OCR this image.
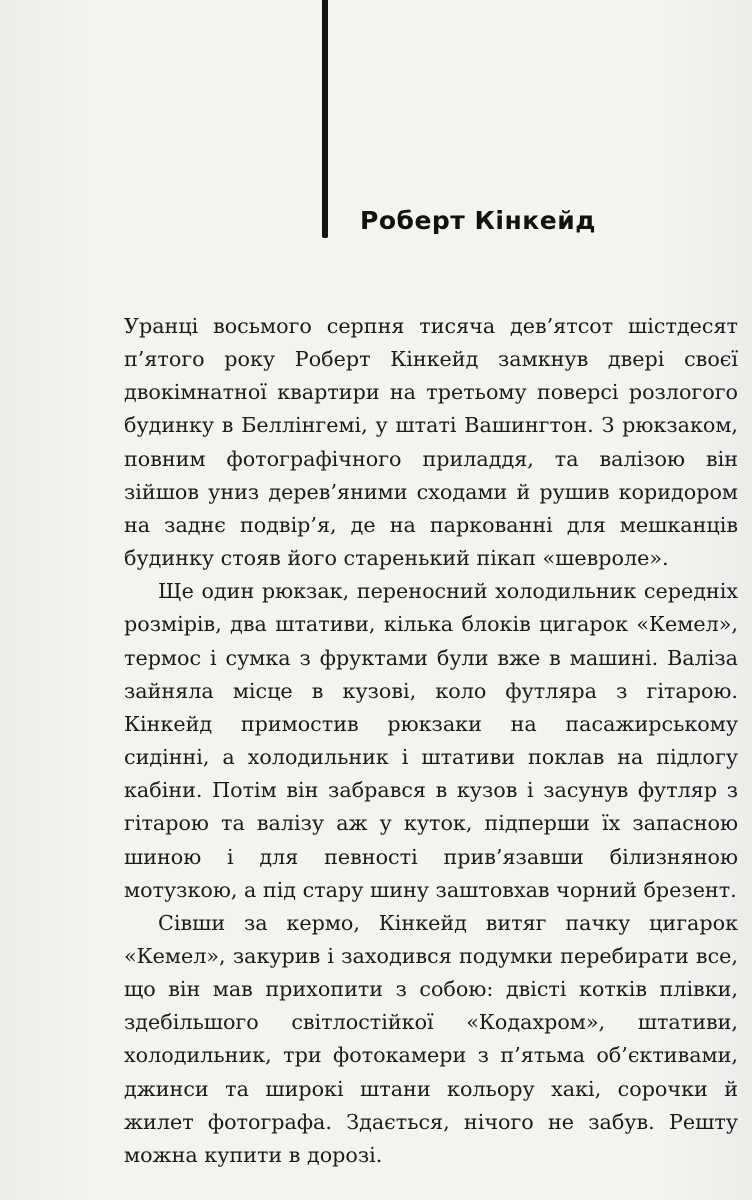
Роберт Кінкейд

Уранці восьмого серпня тисяча дев’ятсот шістдесят п’ятого року Роберт Кінкейд замкнув двері своєї двокімнатної квартири на третьому поверсі розлогого будинку в Беллінгемі, у штаті Вашингтон. З рюкзаком, повним фотографічного приладдя, та валізою він зійшов униз дерев’яними сходами й рушив коридором на заднє подвір’я, де на паркованні для мешканців будинку стояв його старенький пікап «шевроле».

Ще один рюкзак, переносний холодильник середніх розмірів, два штативи, кілька блоків цигарок «Кемел», термос і сумка з фруктами були вже в машині. Валіза зайняла місце в кузові, коло футляра з гітарою. Кінкейд примостив рюкзаки на пасажирському сидінні, а холодильник і штативи поклав на підлогу кабіни. Потім він забрався в кузов і засунув футляр з гітарою та валізу аж у куток, підперши їх запасною шиною і для певності прив’язавши білизняною мотузкою, а під стару шину заштовхав чорний брезент.

Сівши за кермо, Кінкейд витяг пачку цигарок «Кемел», закурив і заходився подумки перебирати все, що він мав прихопити з собою: двісті котків плівки, здебільшого світлостійкої «Кодахром», штативи, холодильник, три фотокамери з п’ятьма об’єктивами, джинси та широкі штани кольору хакі, сорочки й жилет фотографа. Здається, нічого не забув. Решту можна купити в дорозі.
